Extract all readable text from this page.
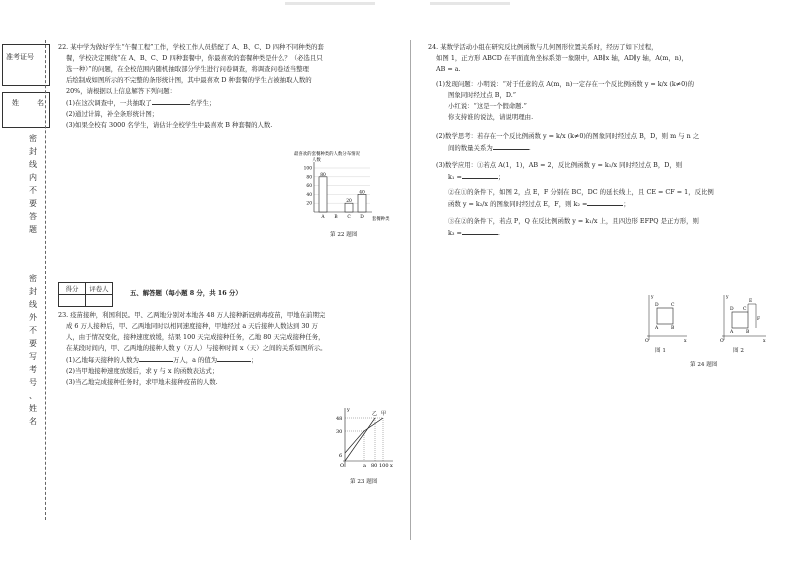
准考证号
姓名
密
封
线
内
不
要
答
题
密
封
线
外
不
要
写
考
号
、
姓
名
22. 某中学为做好学生“午餐工程”工作，学校工作人员搭配了 A、B、C、D 四种不同种类的套
餐，学校决定围绕“在 A、B、C、D 四种套餐中，你最喜欢的套餐种类是什么？（必选且只
选一种）”的问题，在全校范围内随机抽取部分学生进行问卷调查，将调查问卷适当整理
后绘制成如图所示的不完整的条形统计图，其中最喜欢 D 种套餐的学生占被抽取人数的
20%，请根据以上信息解答下列问题：
(1)在这次调查中，一共抽取了	名学生；
(2)通过计算，补全条形统计图；
(3)如果全校有 3000 名学生，请估计全校学生中最喜欢 B 种套餐的人数.
最喜欢的套餐种类的人数分布情况
人数
套餐种类
20
40
60
80
100
80
A B
20
C
40
D
第 22 题图
得分	评卷人
		五、解答题（每小题 8 分，共 16 分）
23. 疫苗接种，利国利民。甲、乙两地分别对本地各 48 万人接种新冠病毒疫苗，甲地在前期完
成 6 万人接种后，甲、乙两地同时以相同速度接种，甲地经过 a 天后接种人数达到 30 万
人，由于情况变化，接种速度放缓，结果 100 天完成接种任务，乙地 80 天完成接种任务，
在某段时间内，甲、乙两地的接种人数 y（万人）与接种时间 x（天）之间的关系如图所示。
(1)乙地每天接种的人数为	万人，a 的值为	；
(2)当甲地接种速度放缓后，求 y 与 x 的函数表达式；
(3)当乙地完成接种任务时，求甲地未接种疫苗的人数.
y
x
O
48
30
6
a 80 100
甲
乙
第 23 题图
24. 某数学活动小组在研究反比例函数与几何图形位置关系时，经历了如下过程，
如图 1，正方形 ABCD 在平面直角坐标系第一象限中，AB∥x 轴，AD∥y 轴，A(m，n)，
AB = a.
(1)发现问题：小明说：“对于任意的点 A(m，n)一定存在一个反比例函数 y = k/x (k≠0)的
图象同时经过点 B，D.”
小红说：“这是一个假命题.”
你支持谁的说法，请说明理由.
(2)数学思考：若存在一个反比例函数 y = k/x (k≠0)的图象同时经过点 B，D，则 m 与 n 之
间的数量关系为	.
(3)数学应用：①若点 A(1，1)，AB = 2，反比例函数 y = k₁/x 同时经过点 B，D，则
k₁ =	；
②在①的条件下，如图 2，点 E，F 分别在 BC，DC 的延长线上，且 CE = CF = 1，反比例
函数 y = k₂/x 的图象同时经过点 E，F，则 k₂ =	；
③在②的条件下，若点 P，Q 在反比例函数 y = k₁/x 上，且四边形 EFPQ 是正方形，则
k₃ =	.
y
x
O
D	C
A	B
图 1
y
x
O
D C
E
F
A	B
图 2
第 24 题图
